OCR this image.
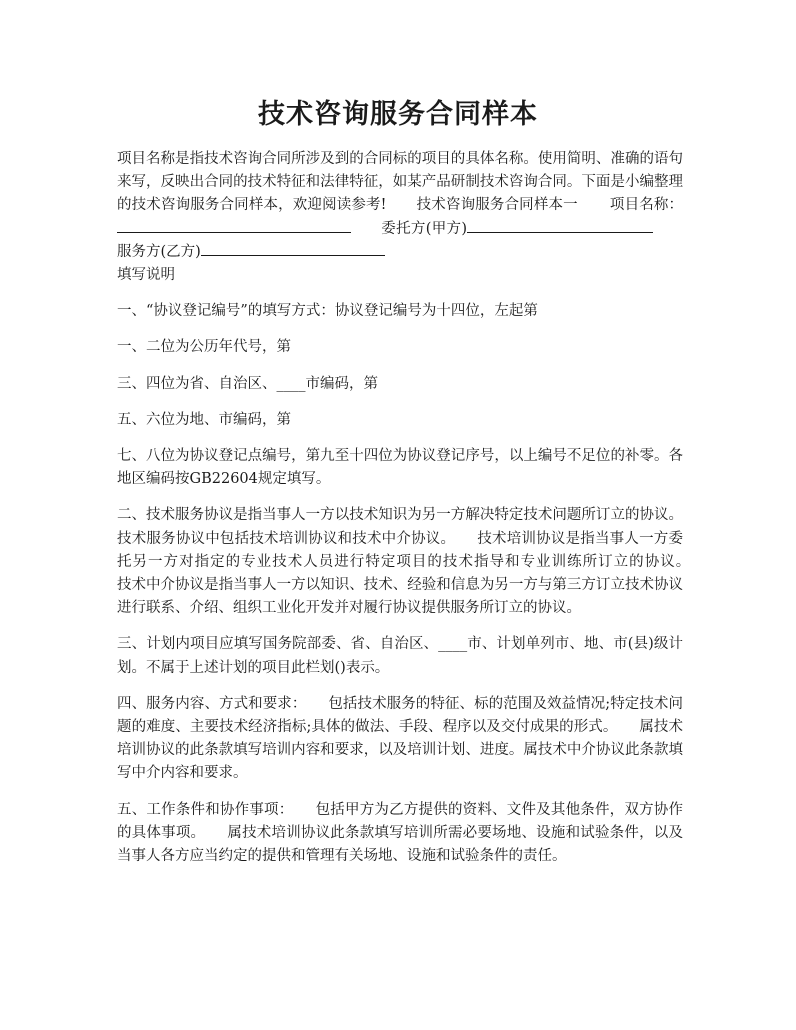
技术咨询服务合同样本

项目名称是指技术咨询合同所涉及到的合同标的项目的具体名称。使用简明、准确的语句来写，反映出合同的技术特征和法律特征，如某产品研制技术咨询合同。下面是小编整理的技术咨询服务合同样本，欢迎阅读参考! 技术咨询服务合同样本一 项目名称：委托方(甲方)服务方(乙方)

填写说明

一、“协议登记编号”的填写方式：协议登记编号为十四位，左起第

一、二位为公历年代号，第

三、四位为省、自治区、____市编码，第

五、六位为地、市编码，第

七、八位为协议登记点编号，第九至十四位为协议登记序号，以上编号不足位的补零。各地区编码按GB22604规定填写。

二、技术服务协议是指当事人一方以技术知识为另一方解决特定技术问题所订立的协议。技术服务协议中包括技术培训协议和技术中介协议。　　技术培训协议是指当事人一方委托另一方对指定的专业技术人员进行特定项目的技术指导和专业训练所订立的协议。　　技术中介协议是指当事人一方以知识、技术、经验和信息为另一方与第三方订立技术协议进行联系、介绍、组织工业化开发并对履行协议提供服务所订立的协议。

三、计划内项目应填写国务院部委、省、自治区、____市、计划单列市、地、市(县)级计划。不属于上述计划的项目此栏划()表示。

四、服务内容、方式和要求：　　包括技术服务的特征、标的范围及效益情况;特定技术问题的难度、主要技术经济指标;具体的做法、手段、程序以及交付成果的形式。　　属技术培训协议的此条款填写培训内容和要求，以及培训计划、进度。属技术中介协议此条款填写中介内容和要求。

五、工作条件和协作事项：　　包括甲方为乙方提供的资料、文件及其他条件，双方协作的具体事项。　　属技术培训协议此条款填写培训所需必要场地、设施和试验条件，以及当事人各方应当约定的提供和管理有关场地、设施和试验条件的责任。
